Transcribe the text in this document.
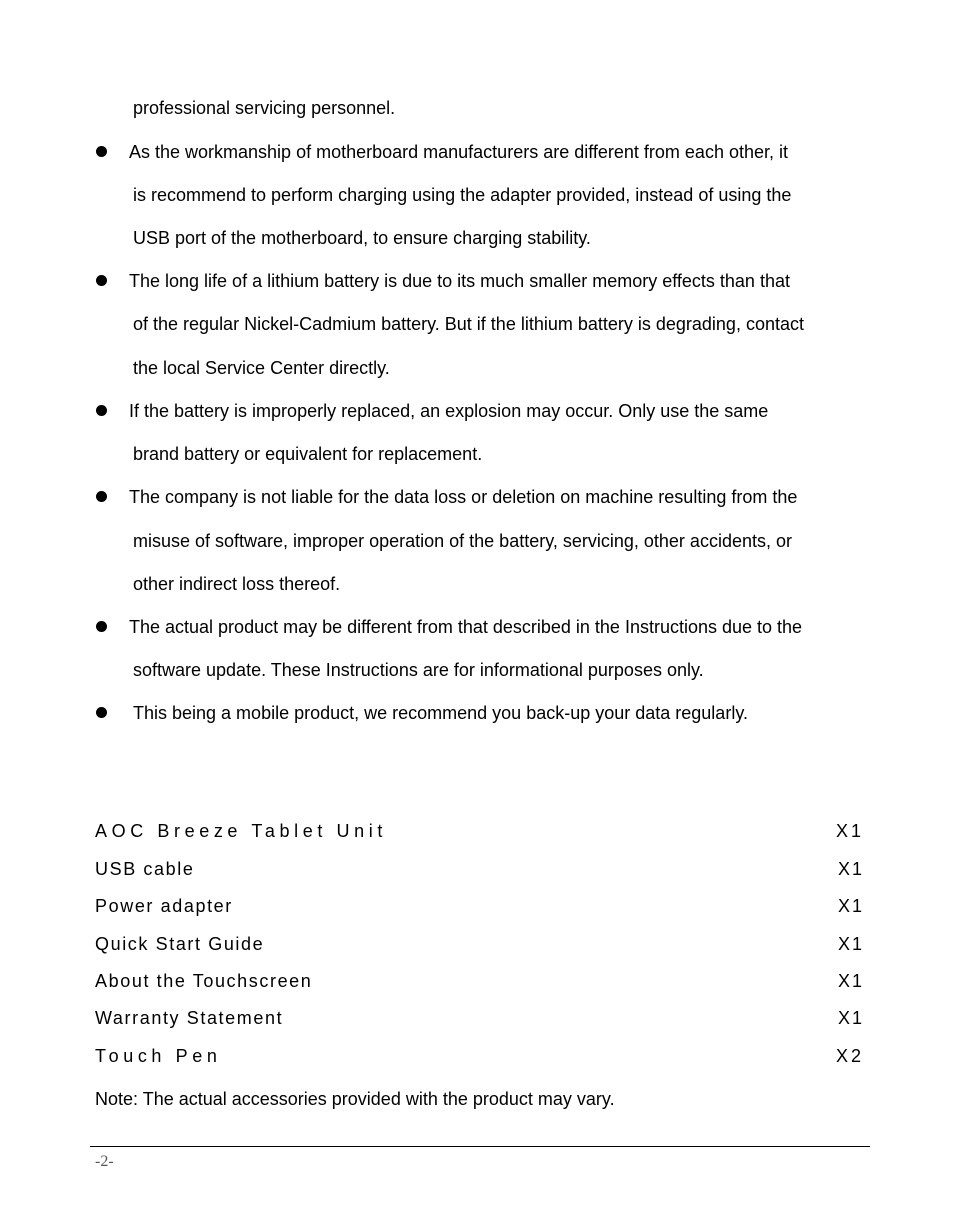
professional servicing personnel.
As the workmanship of motherboard manufacturers are different from each other, it
is recommend to perform charging using the adapter provided, instead of using the
USB port of the motherboard, to ensure charging stability.
The long life of a lithium battery is due to its much smaller memory effects than that
of the regular Nickel-Cadmium battery. But if the lithium battery is degrading, contact
the local Service Center directly.
If the battery is improperly replaced, an explosion may occur. Only use the same
brand battery or equivalent for replacement.
The company is not liable for the data loss or deletion on machine resulting from the
misuse of software, improper operation of the battery, servicing, other accidents, or
other indirect loss thereof.
The actual product may be different from that described in the Instructions due to the
software update. These Instructions are for informational purposes only.
This being a mobile product, we recommend you back-up your data regularly.
AOC Breeze Tablet Unit	X1
USB cable	X1
Power adapter	X1
Quick Start Guide	X1
About the Touchscreen	X1
Warranty Statement	X1
Touch Pen	X2
Note: The actual accessories provided with the product may vary.
-2-
